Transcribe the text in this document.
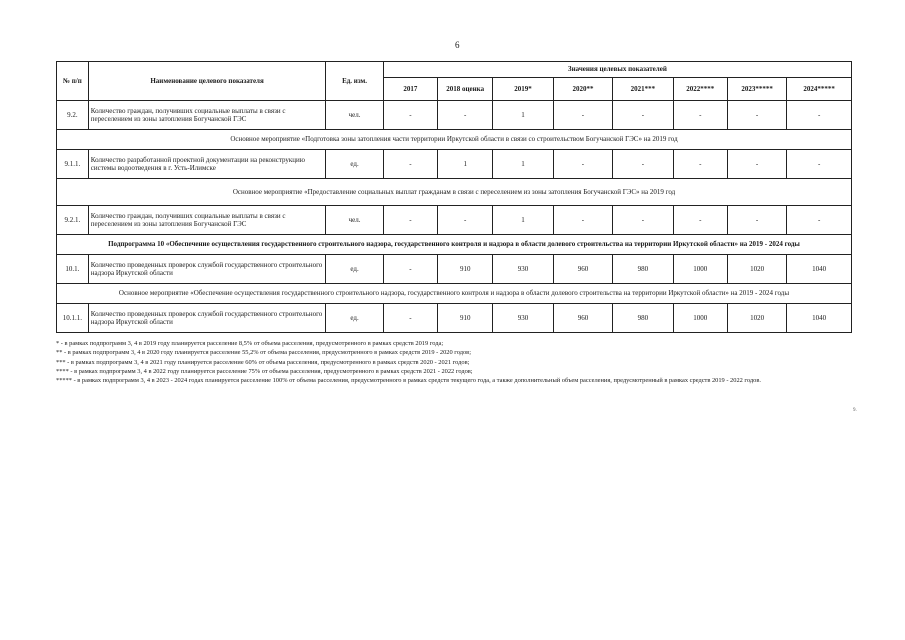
6
№ п/п	Наименование целевого показателя	Ед. изм.	Значения целевых показателей							
			2017	2018 оценка	2019*	2020**	2021***	2022****	2023*****	2024*****
9.2.	Количество граждан, получивших социальные выплаты в связи с переселением из зоны затопления Богучанской ГЭС	чел.	-	-	1	-	-	-	-	-
Основное мероприятие «Подготовка зоны затопления части территории Иркутской области в связи со строительством Богучанской ГЭС» на 2019 год										
9.1.1.	Количество разработанной проектной документации на реконструкцию системы водоотведения в г. Усть-Илимске	ед.	-	1	1	-	-	-	-	-
Основное мероприятие «Предоставление социальных выплат гражданам в связи с переселением из зоны затопления Богучанской ГЭС» на 2019 год										
9.2.1.	Количество граждан, получивших социальные выплаты в связи с переселением из зоны затопления Богучанской ГЭС	чел.	-	-	1	-	-	-	-	-
Подпрограмма 10 «Обеспечение осуществления государственного строительного надзора, государственного контроля и надзора в области долевого строительства на территории Иркутской области» на 2019 - 2024 годы										
10.1.	Количество проведенных проверок службой государственного строительного надзора Иркутской области	ед.	-	910	930	960	980	1000	1020	1040
Основное мероприятие «Обеспечение осуществления государственного строительного надзора, государственного контроля и надзора в области долевого строительства на территории Иркутской области» на 2019 - 2024 годы										
10.1.1.	Количество проведенных проверок службой государственного строительного надзора Иркутской области	ед.	-	910	930	960	980	1000	1020	1040
* - в рамках подпрограмм 3, 4 в 2019 году планируется расселение 8,5% от объема расселения, предусмотренного в рамках средств 2019 года;
** - в рамках подпрограмм 3, 4 в 2020 году планируется расселение 55,2% от объема расселения, предусмотренного в рамках средств 2019 - 2020 годов;
*** - в рамках подпрограмм 3, 4 в 2021 году планируется расселение 60% от объема расселения, предусмотренного в рамках средств 2020 - 2021 годов;
**** - в рамках подпрограмм 3, 4 в 2022 году планируется расселение 75% от объема расселения, предусмотренного в рамках средств 2021 - 2022 годов;
***** - в рамках подпрограмм 3, 4 в 2023 - 2024 годах планируется расселение 100% от объема расселения, предусмотренного в рамках средств текущего года, а также дополнительный объем расселения, предусмотренный в рамках средств 2019 - 2022 годов.
9.
